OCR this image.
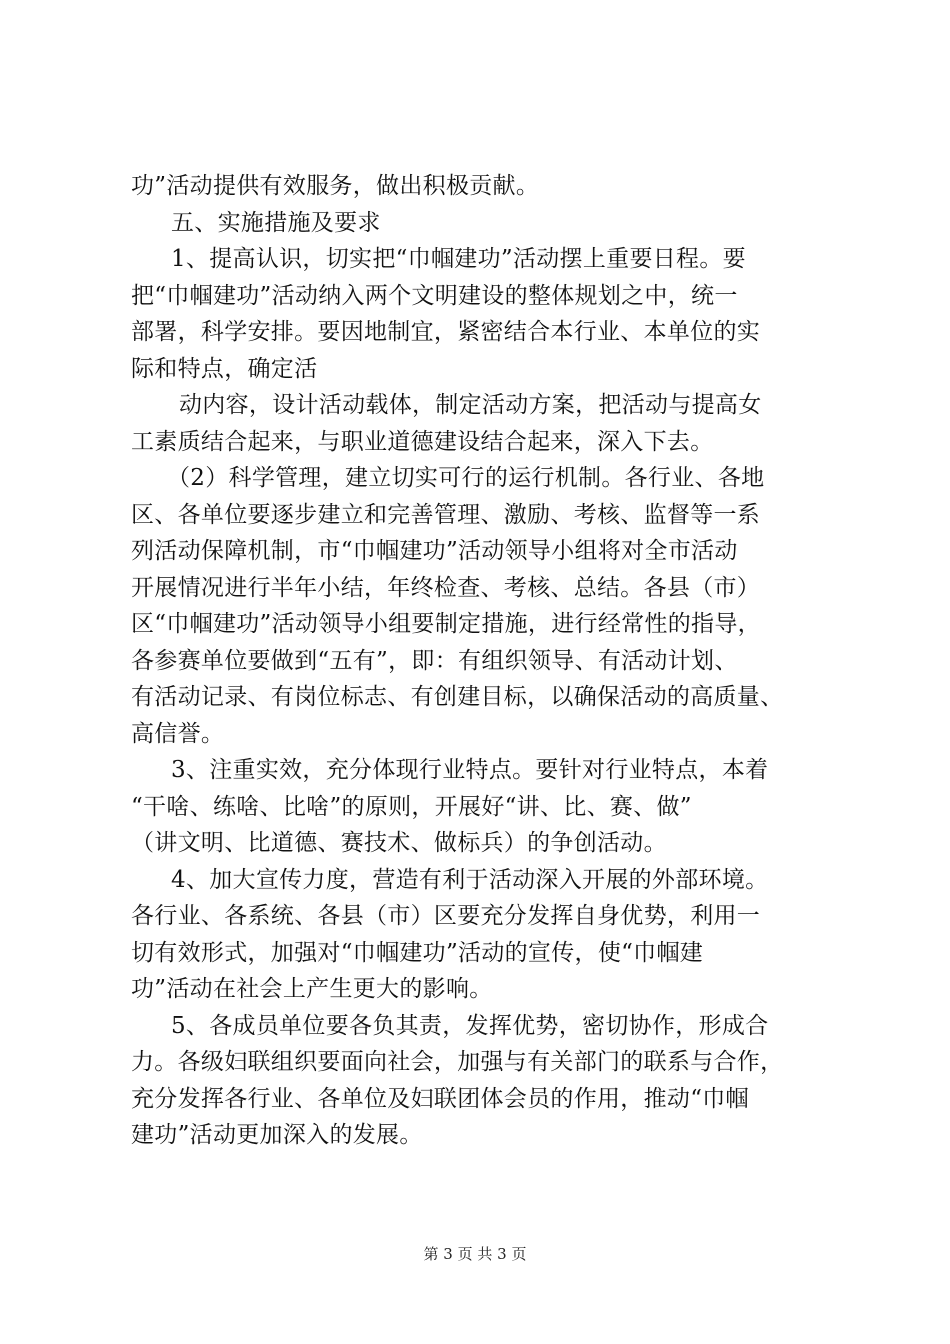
功”活动提供有效服务，做出积极贡献。
五、实施措施及要求
1、提高认识，切实把“巾帼建功”活动摆上重要日程。要
把“巾帼建功”活动纳入两个文明建设的整体规划之中，统一
部署，科学安排。要因地制宜，紧密结合本行业、本单位的实
际和特点，确定活
动内容，设计活动载体，制定活动方案，把活动与提高女
工素质结合起来，与职业道德建设结合起来，深入下去。
（2）科学管理，建立切实可行的运行机制。各行业、各地
区、各单位要逐步建立和完善管理、激励、考核、监督等一系
列活动保障机制，市“巾帼建功”活动领导小组将对全市活动
开展情况进行半年小结，年终检查、考核、总结。各县（市）
区“巾帼建功”活动领导小组要制定措施，进行经常性的指导，
各参赛单位要做到“五有”，即：有组织领导、有活动计划、
有活动记录、有岗位标志、有创建目标，以确保活动的高质量、
高信誉。
3、注重实效，充分体现行业特点。要针对行业特点，本着
“干啥、练啥、比啥”的原则，开展好“讲、比、赛、做”
（讲文明、比道德、赛技术、做标兵）的争创活动。
4、加大宣传力度，营造有利于活动深入开展的外部环境。
各行业、各系统、各县（市）区要充分发挥自身优势，利用一
切有效形式，加强对“巾帼建功”活动的宣传，使“巾帼建
功”活动在社会上产生更大的影响。
5、各成员单位要各负其责，发挥优势，密切协作，形成合
力。各级妇联组织要面向社会，加强与有关部门的联系与合作，
充分发挥各行业、各单位及妇联团体会员的作用，推动“巾帼
建功”活动更加深入的发展。
第 3 页 共 3 页
